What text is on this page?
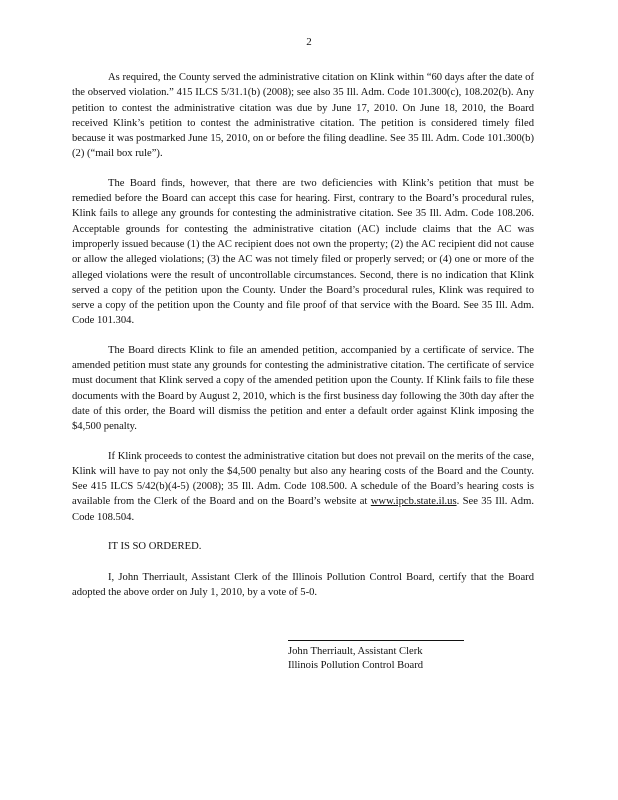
2

As required, the County served the administrative citation on Klink within “60 days after the date of the observed violation.” 415 ILCS 5/31.1(b) (2008); see also 35 Ill. Adm. Code 101.300(c), 108.202(b). Any petition to contest the administrative citation was due by June 17, 2010. On June 18, 2010, the Board received Klink’s petition to contest the administrative citation. The petition is considered timely filed because it was postmarked June 15, 2010, on or before the filing deadline. See 35 Ill. Adm. Code 101.300(b)(2) (“mail box rule”).

The Board finds, however, that there are two deficiencies with Klink’s petition that must be remedied before the Board can accept this case for hearing. First, contrary to the Board’s procedural rules, Klink fails to allege any grounds for contesting the administrative citation. See 35 Ill. Adm. Code 108.206. Acceptable grounds for contesting the administrative citation (AC) include claims that the AC was improperly issued because (1) the AC recipient does not own the property; (2) the AC recipient did not cause or allow the alleged violations; (3) the AC was not timely filed or properly served; or (4) one or more of the alleged violations were the result of uncontrollable circumstances. Second, there is no indication that Klink served a copy of the petition upon the County. Under the Board’s procedural rules, Klink was required to serve a copy of the petition upon the County and file proof of that service with the Board. See 35 Ill. Adm. Code 101.304.

The Board directs Klink to file an amended petition, accompanied by a certificate of service. The amended petition must state any grounds for contesting the administrative citation. The certificate of service must document that Klink served a copy of the amended petition upon the County. If Klink fails to file these documents with the Board by August 2, 2010, which is the first business day following the 30th day after the date of this order, the Board will dismiss the petition and enter a default order against Klink imposing the $4,500 penalty.

If Klink proceeds to contest the administrative citation but does not prevail on the merits of the case, Klink will have to pay not only the $4,500 penalty but also any hearing costs of the Board and the County. See 415 ILCS 5/42(b)(4-5) (2008); 35 Ill. Adm. Code 108.500. A schedule of the Board’s hearing costs is available from the Clerk of the Board and on the Board’s website at www.ipcb.state.il.us. See 35 Ill. Adm. Code 108.504.

IT IS SO ORDERED.

I, John Therriault, Assistant Clerk of the Illinois Pollution Control Board, certify that the Board adopted the above order on July 1, 2010, by a vote of 5-0.

John Therriault, Assistant Clerk
Illinois Pollution Control Board
